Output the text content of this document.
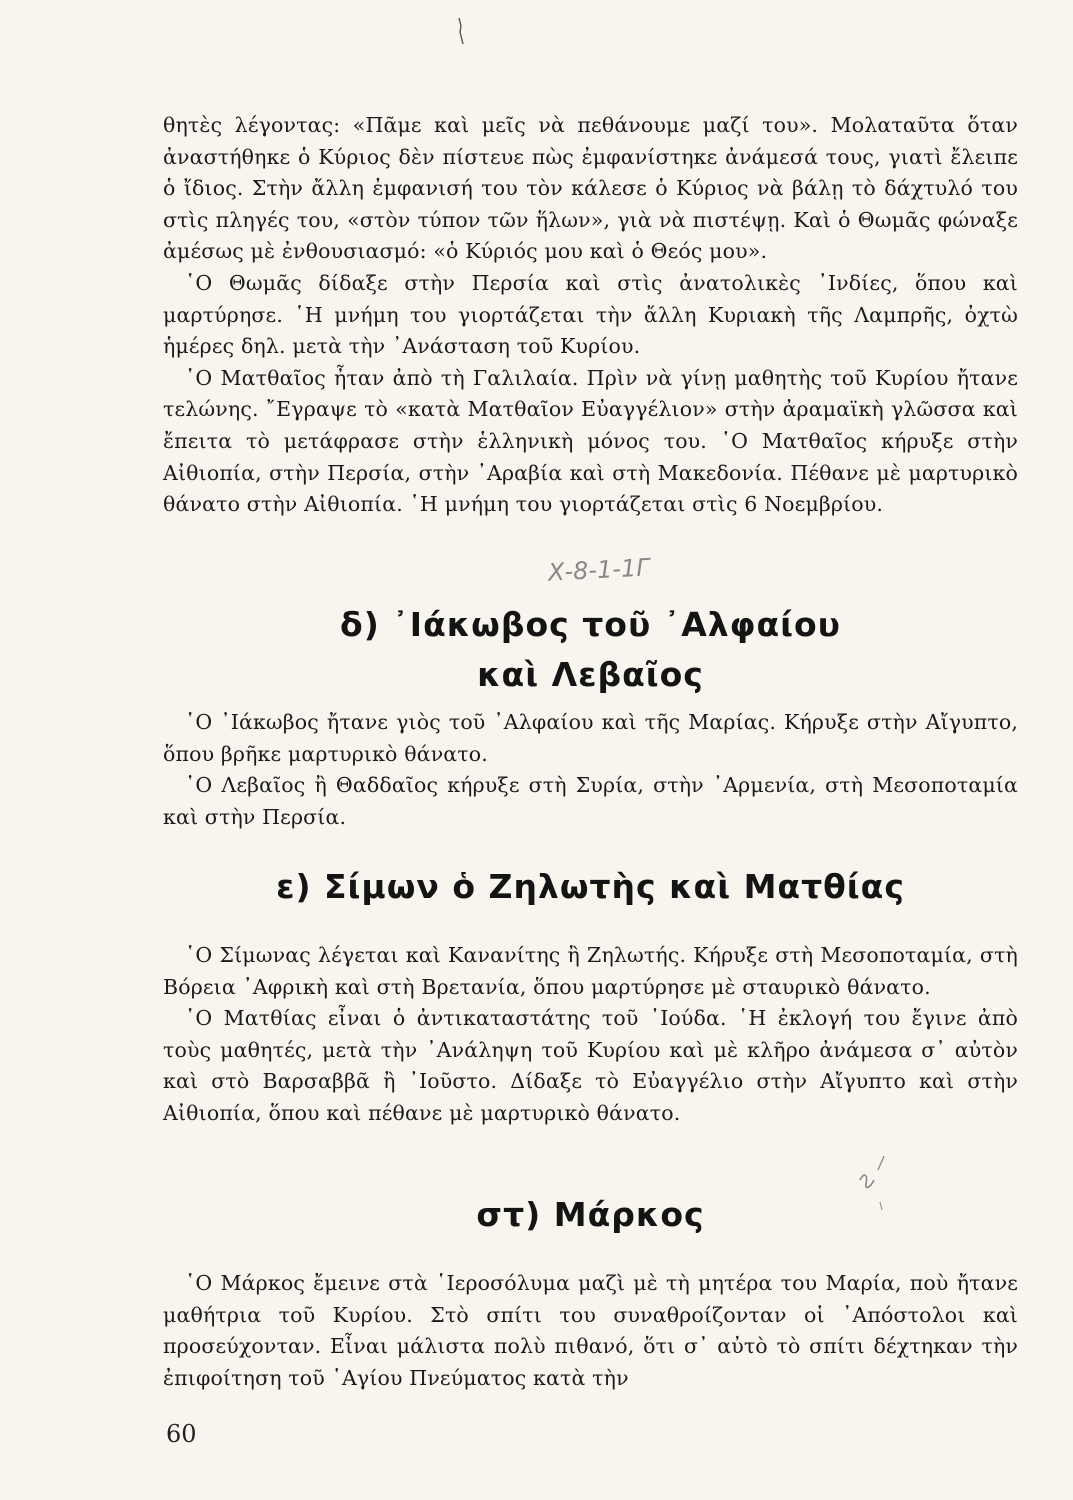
θητὲς λέγοντας: «Πᾶμε καὶ μεῖς νὰ πεθάνουμε μαζί του». Μολαταῦτα ὅταν ἀναστήθηκε ὁ Κύριος δὲν πίστευε πὼς ἐμφανίστηκε ἀνάμεσά τους, γιατὶ ἔλειπε ὁ ἴδιος. Στὴν ἄλλη ἐμφανισή του τὸν κάλεσε ὁ Κύριος νὰ βάλῃ τὸ δάχτυλό του στὶς πληγές του, «στὸν τύπον τῶν ἥλων», γιὰ νὰ πιστέψῃ. Καὶ ὁ Θωμᾶς φώναξε ἀμέσως μὲ ἐνθουσιασμό: «ὁ Κύριός μου καὶ ὁ Θεός μου».

῾Ο Θωμᾶς δίδαξε στὴν Περσία καὶ στὶς ἀνατολικὲς ᾿Ινδίες, ὅπου καὶ μαρτύρησε. ῾Η μνήμη του γιορτάζεται τὴν ἄλλη Κυριακὴ τῆς Λαμπρῆς, ὀχτὼ ἡμέρες δηλ. μετὰ τὴν ᾿Ανάσταση τοῦ Κυρίου.

῾Ο Ματθαῖος ἦταν ἀπὸ τὴ Γαλιλαία. Πρὶν νὰ γίνῃ μαθητὴς τοῦ Κυρίου ἤτανε τελώνης. ῎Εγραψε τὸ «κατὰ Ματθαῖον Εὐαγγέλιον» στὴν ἀραμαϊκὴ γλῶσσα καὶ ἔπειτα τὸ μετάφρασε στὴν ἑλληνικὴ μόνος του. ῾Ο Ματθαῖος κήρυξε στὴν Αἰθιοπία, στὴν Περσία, στὴν ᾿Αραβία καὶ στὴ Μακεδονία. Πέθανε μὲ μαρτυρικὸ θάνατο στὴν Αἰθιοπία. ῾Η μνήμη του γιορτάζεται στὶς 6 Νοεμβρίου.

Χ-8-1-1Γ
δ) ᾿Ιάκωβος τοῦ ᾿Αλφαίου
καὶ Λεβαῖος

῾Ο ᾿Ιάκωβος ἤτανε γιὸς τοῦ ᾿Αλφαίου καὶ τῆς Μαρίας. Κήρυξε στὴν Αἴγυπτο, ὅπου βρῆκε μαρτυρικὸ θάνατο.

῾Ο Λεβαῖος ἢ Θαδδαῖος κήρυξε στὴ Συρία, στὴν ᾿Αρμενία, στὴ Μεσοποταμία καὶ στὴν Περσία.

ε) Σίμων ὁ Ζηλωτὴς καὶ Ματθίας

῾Ο Σίμωνας λέγεται καὶ Κανανίτης ἢ Ζηλωτής. Κήρυξε στὴ Μεσοποταμία, στὴ Βόρεια ᾿Αφρικὴ καὶ στὴ Βρετανία, ὅπου μαρτύρησε μὲ σταυρικὸ θάνατο.

῾Ο Ματθίας εἶναι ὁ ἀντικαταστάτης τοῦ ᾿Ιούδα. ῾Η ἐκλογή του ἔγινε ἀπὸ τοὺς μαθητές, μετὰ τὴν ᾿Ανάληψη τοῦ Κυρίου καὶ μὲ κλῆρο ἀνάμεσα σ᾿ αὐτὸν καὶ στὸ Βαρσαββᾶ ἢ ᾿Ιοῦστο. Δίδαξε τὸ Εὐαγγέλιο στὴν Αἴγυπτο καὶ στὴν Αἰθιοπία, ὅπου καὶ πέθανε μὲ μαρτυρικὸ θάνατο.

στ) Μάρκος

῾Ο Μάρκος ἔμεινε στὰ ῾Ιεροσόλυμα μαζὶ μὲ τὴ μητέρα του Μαρία, ποὺ ἤτανε μαθήτρια τοῦ Κυρίου. Στὸ σπίτι του συναθροίζονταν οἱ ᾿Απόστολοι καὶ προσεύχονταν. Εἶναι μάλιστα πολὺ πιθανό, ὅτι σ᾿ αὐτὸ τὸ σπίτι δέχτηκαν τὴν ἐπιφοίτηση τοῦ ῾Αγίου Πνεύματος κατὰ τὴν

60
